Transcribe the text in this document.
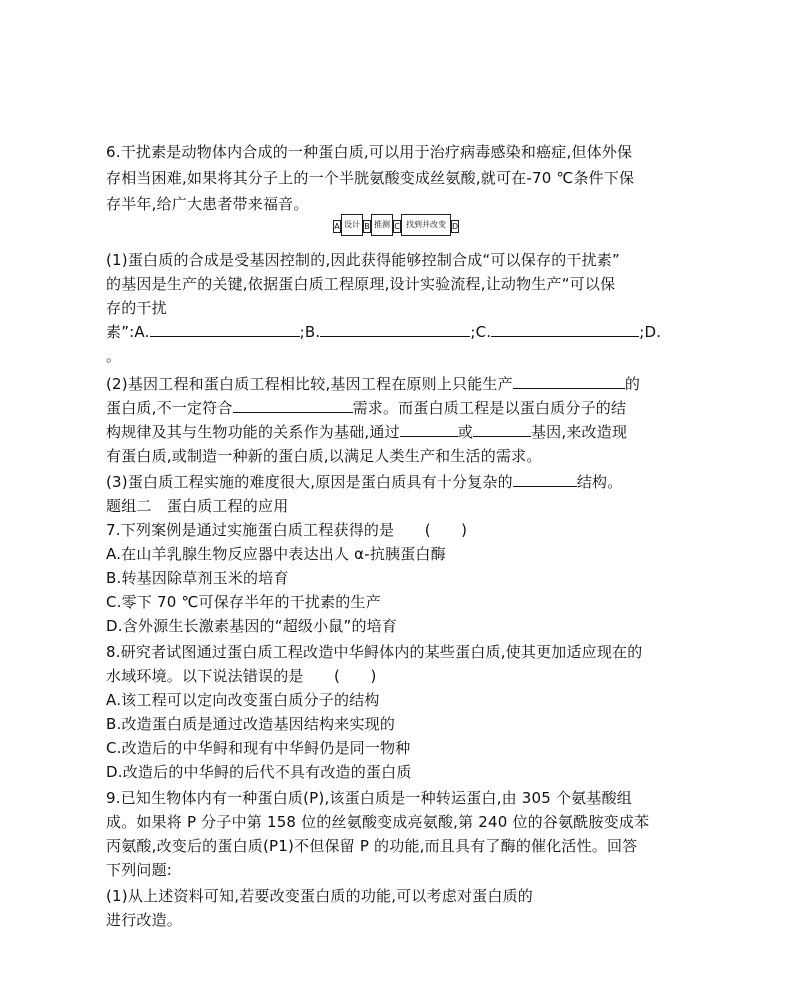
6.干扰素是动物体内合成的一种蛋白质,可以用于治疗病毒感染和癌症,但体外保
存相当困难,如果将其分子上的一个半胱氨酸变成丝氨酸,就可在-70 ℃条件下保
存半年,给广大患者带来福音。
A 设计 B 推测 C 找到并改变 D
(1)蛋白质的合成是受基因控制的,因此获得能够控制合成“可以保存的干扰素”
的基因是生产的关键,依据蛋白质工程原理,设计实验流程,让动物生产“可以保
存的干扰
素”:A.	;B.	;C.	;D.
。
(2)基因工程和蛋白质工程相比较,基因工程在原则上只能生产	的
蛋白质,不一定符合	需求。而蛋白质工程是以蛋白质分子的结
构规律及其与生物功能的关系作为基础,通过	或	基因,来改造现
有蛋白质,或制造一种新的蛋白质,以满足人类生产和生活的需求。
(3)蛋白质工程实施的难度很大,原因是蛋白质具有十分复杂的	结构。
题组二　蛋白质工程的应用
7.下列案例是通过实施蛋白质工程获得的是　　(　　)
A.在山羊乳腺生物反应器中表达出人 α-抗胰蛋白酶
B.转基因除草剂玉米的培育
C.零下 70 ℃可保存半年的干扰素的生产
D.含外源生长激素基因的“超级小鼠”的培育
8.研究者试图通过蛋白质工程改造中华鲟体内的某些蛋白质,使其更加适应现在的
水域环境。以下说法错误的是　　(　　)
A.该工程可以定向改变蛋白质分子的结构
B.改造蛋白质是通过改造基因结构来实现的
C.改造后的中华鲟和现有中华鲟仍是同一物种
D.改造后的中华鲟的后代不具有改造的蛋白质
9.已知生物体内有一种蛋白质(P),该蛋白质是一种转运蛋白,由 305 个氨基酸组
成。如果将 P 分子中第 158 位的丝氨酸变成亮氨酸,第 240 位的谷氨酰胺变成苯
丙氨酸,改变后的蛋白质(P1)不但保留 P 的功能,而且具有了酶的催化活性。回答
下列问题:
(1)从上述资料可知,若要改变蛋白质的功能,可以考虑对蛋白质的
进行改造。
